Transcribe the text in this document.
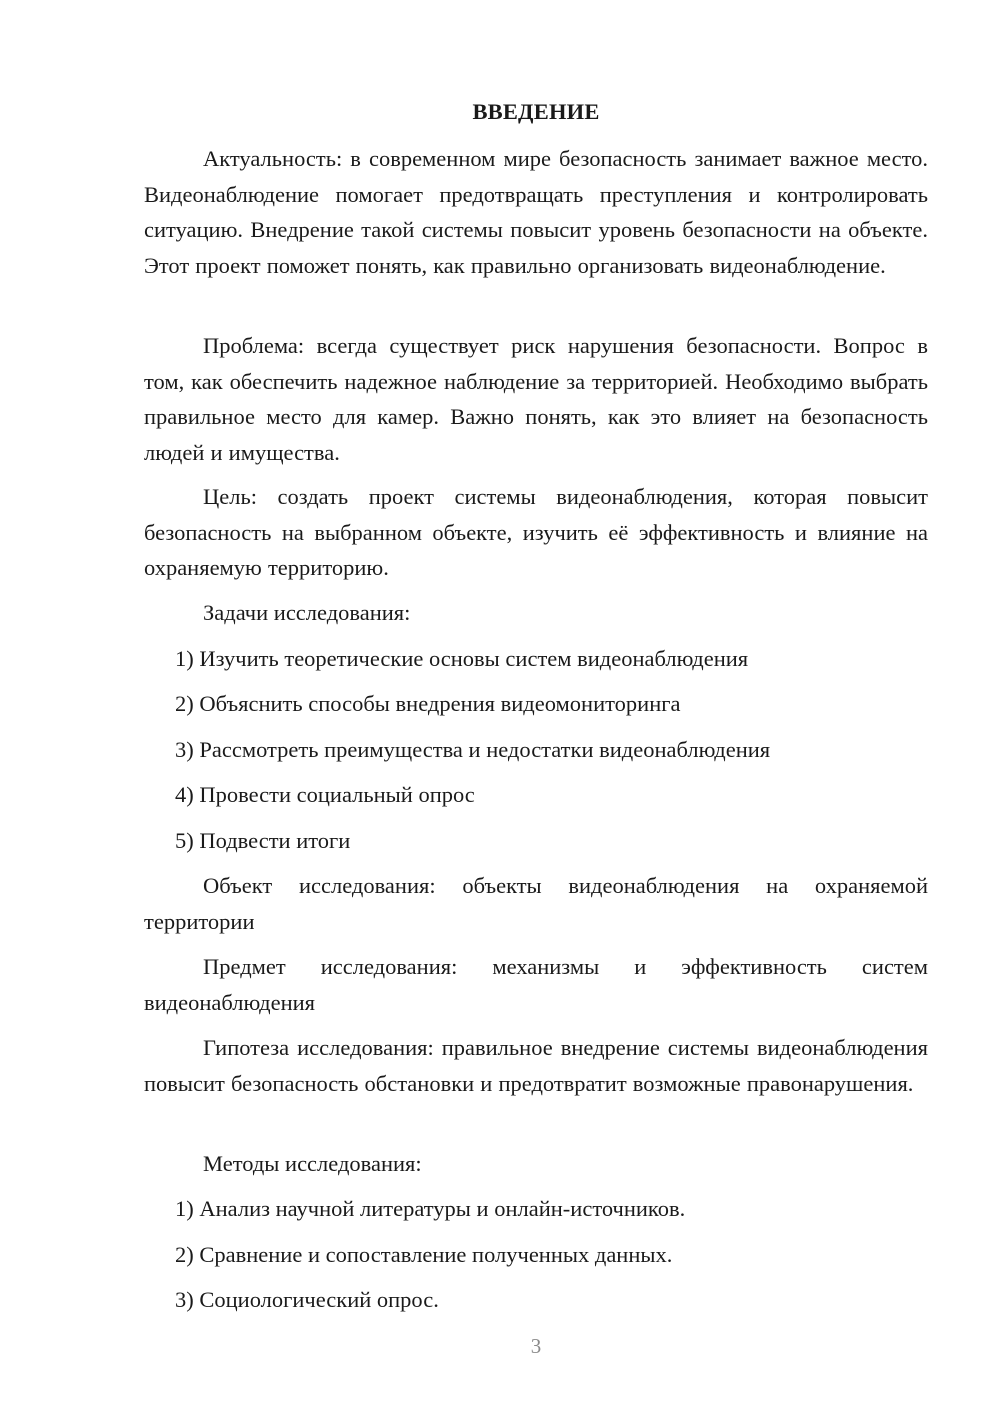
ВВЕДЕНИЕ

Актуальность: в современном мире безопасность занимает важное место. Видеонаблюдение помогает предотвращать преступления и контролировать ситуацию. Внедрение такой системы повысит уровень безопасности на объекте. Этот проект поможет понять, как правильно организовать видеонаблюдение.

Проблема: всегда существует риск нарушения безопасности. Вопрос в том, как обеспечить надежное наблюдение за территорией. Необходимо выбрать правильное место для камер. Важно понять, как это влияет на безопасность людей и имущества.

Цель: создать проект системы видеонаблюдения, которая повысит безопасность на выбранном объекте, изучить её эффективность и влияние на охраняемую территорию.

Задачи исследования:
1) Изучить теоретические основы систем видеонаблюдения
2) Объяснить способы внедрения видеомониторинга
3) Рассмотреть преимущества и недостатки видеонаблюдения
4) Провести социальный опрос
5) Подвести итоги

Объект исследования: объекты видеонаблюдения на охраняемой территории

Предмет исследования: механизмы и эффективность систем видеонаблюдения

Гипотеза исследования: правильное внедрение системы видеонаблюдения повысит безопасность обстановки и предотвратит возможные правонарушения.

Методы исследования:
1) Анализ научной литературы и онлайн-источников.
2) Сравнение и сопоставление полученных данных.
3) Социологический опрос.
3
